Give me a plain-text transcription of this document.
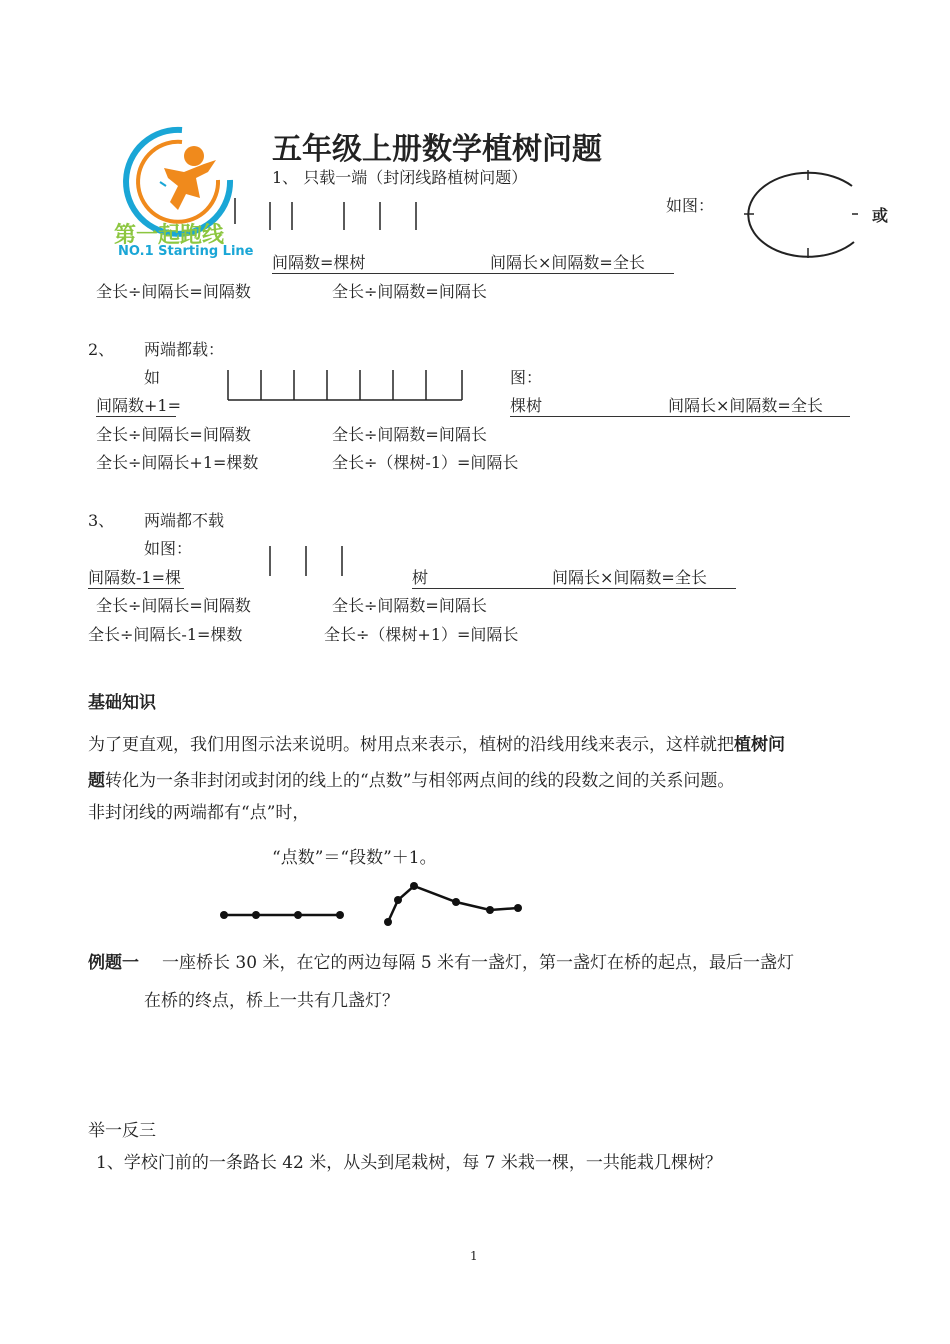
第一起跑线
NO.1 Starting Line
五年级上册数学植树问题
1、 只载一端（封闭线路植树问题）
如图：
或
间隔数=棵树	间隔长×间隔数=全长
全长÷间隔长=间隔数	全长÷间隔数=间隔长
2、 两端都载：
如	图：
间隔数+1=	棵树	间隔长×间隔数=全长
全长÷间隔长=间隔数	全长÷间隔数=间隔长
全长÷间隔长+1=棵数	全长÷（棵树-1）=间隔长
3、 两端都不载
如图：
间隔数-1=棵	树	间隔长×间隔数=全长
全长÷间隔长=间隔数	全长÷间隔数=间隔长
全长÷间隔长-1=棵数	全长÷（棵树+1）=间隔长
基础知识
为了更直观，我们用图示法来说明。树用点来表示，植树的沿线用线来表示，这样就把植树问
题转化为一条非封闭或封闭的线上的“点数”与相邻两点间的线的段数之间的关系问题。
非封闭线的两端都有“点”时，
“点数”＝“段数”＋1。
例题一 一座桥长 30 米，在它的两边每隔 5 米有一盏灯，第一盏灯在桥的起点，最后一盏灯
在桥的终点，桥上一共有几盏灯？
举一反三
1、学校门前的一条路长 42 米，从头到尾栽树，每 7 米栽一棵，一共能栽几棵树？
1
